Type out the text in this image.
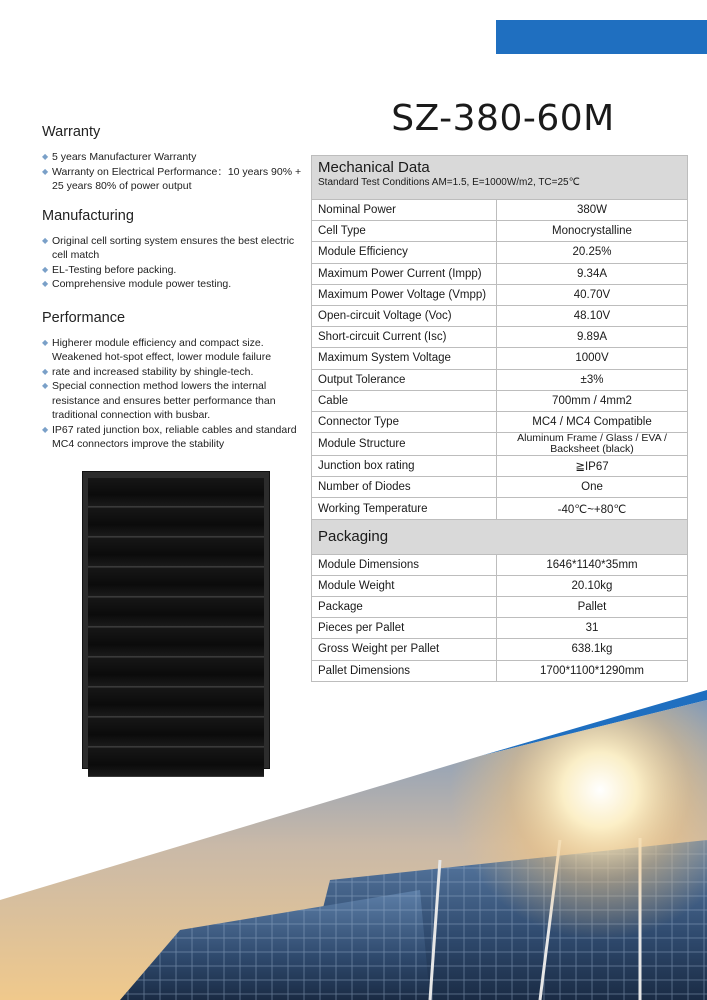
SZ-380-60M
Warranty
◆ 5 years Manufacturer Warranty
◆ Warranty on Electrical Performance：10 years 90% + 25 years 80% of power output
Manufacturing
◆ Original cell sorting system ensures the best electric cell match
◆ EL-Testing before packing.
◆ Comprehensive module power testing.
Performance
◆ Higherer module efficiency and compact size. Weakened hot-spot effect, lower module failure
◆ rate and increased stability by shingle-tech.
◆ Special connection method lowers the internal resistance and ensures better performance than traditional connection with busbar.
◆ IP67 rated junction box, reliable cables and standard MC4 connectors improve the stability
Mechanical Data
Standard Test Conditions AM=1.5, E=1000W/m2, TC=25℃	

Nominal Power	380W
Cell Type	Monocrystalline
Module Efficiency	20.25%
Maximum Power Current (Impp)	9.34A
Maximum Power Voltage (Vmpp)	40.70V
Open-circuit Voltage (Voc)	48.10V
Short-circuit Current (Isc)	9.89A
Maximum System Voltage	1000V
Output Tolerance	±3%
Cable	700mm / 4mm2
Connector Type	MC4 / MC4 Compatible
Module Structure	Aluminum Frame / Glass / EVA / Backsheet (black)
Junction box rating	≧IP67
Number of Diodes	One
Working Temperature	-40℃~+80℃
Packaging	
Module Dimensions	1646*1140*35mm
Module Weight	20.10kg
Package	Pallet
Pieces per Pallet	31
Gross Weight per Pallet	638.1kg
Pallet Dimensions	1700*1100*1290mm
